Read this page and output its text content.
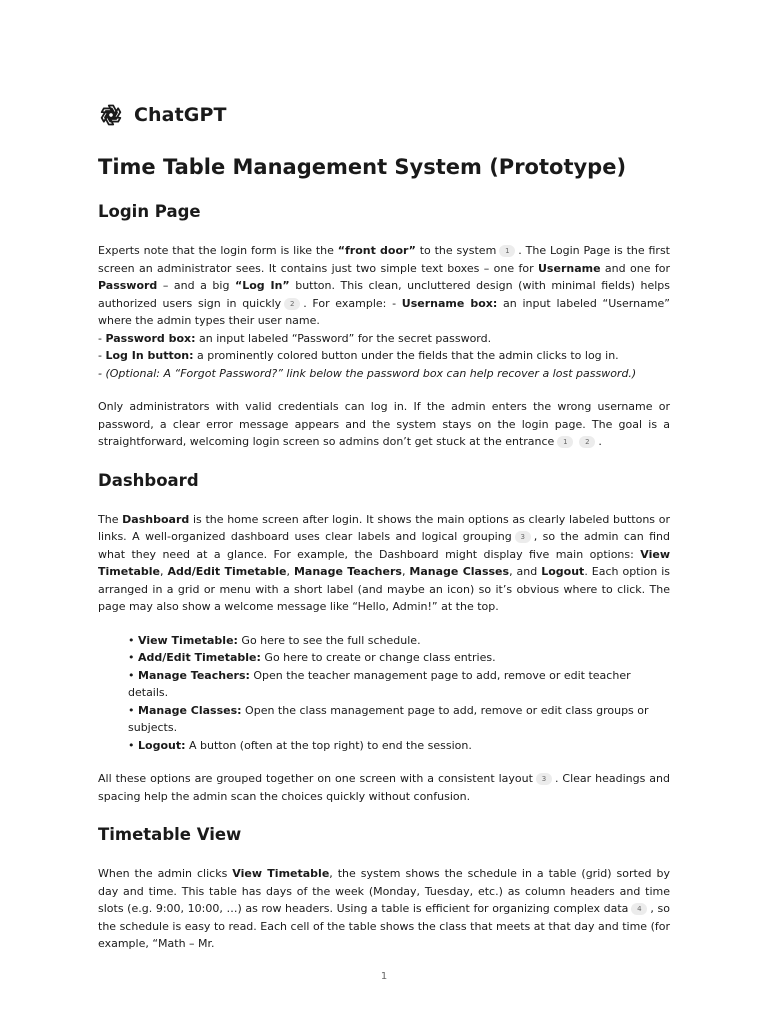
ChatGPT
Time Table Management System (Prototype)
Login Page

Experts note that the login form is like the “front door” to the system 1 . The Login Page is the first screen an administrator sees. It contains just two simple text boxes – one for Username and one for Password – and a big “Log In” button. This clean, uncluttered design (with minimal fields) helps authorized users sign in quickly 2 . For example: - Username box: an input labeled “Username” where the admin types their user name.

- Password box: an input labeled “Password” for the secret password.
- Log In button: a prominently colored button under the fields that the admin clicks to log in.
- (Optional: A “Forgot Password?” link below the password box can help recover a lost password.)

Only administrators with valid credentials can log in. If the admin enters the wrong username or password, a clear error message appears and the system stays on the login page. The goal is a straightforward, welcoming login screen so admins don’t get stuck at the entrance 1	2 .

Dashboard

The Dashboard is the home screen after login. It shows the main options as clearly labeled buttons or links. A well-organized dashboard uses clear labels and logical grouping 3 , so the admin can find what they need at a glance. For example, the Dashboard might display five main options: View Timetable, Add/Edit Timetable, Manage Teachers, Manage Classes, and Logout. Each option is arranged in a grid or menu with a short label (and maybe an icon) so it’s obvious where to click. The page may also show a welcome message like “Hello, Admin!” at the top.

• View Timetable: Go here to see the full schedule.
• Add/Edit Timetable: Go here to create or change class entries.
• Manage Teachers: Open the teacher management page to add, remove or edit teacher details.
• Manage Classes: Open the class management page to add, remove or edit class groups or subjects.
• Logout: A button (often at the top right) to end the session.

All these options are grouped together on one screen with a consistent layout 3 . Clear headings and spacing help the admin scan the choices quickly without confusion.

Timetable View

When the admin clicks View Timetable, the system shows the schedule in a table (grid) sorted by day and time. This table has days of the week (Monday, Tuesday, etc.) as column headers and time slots (e.g. 9:00, 10:00, …) as row headers. Using a table is efficient for organizing complex data 4 , so the schedule is easy to read. Each cell of the table shows the class that meets at that day and time (for example, “Math – Mr.

1
